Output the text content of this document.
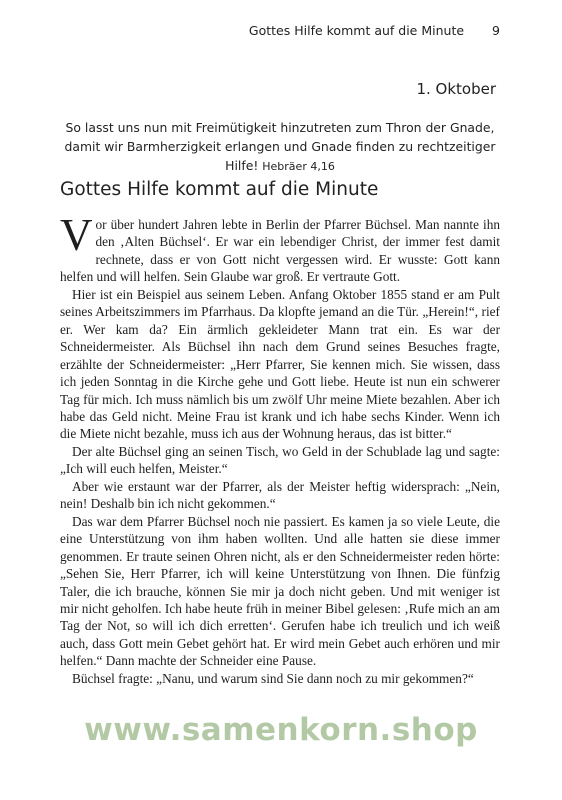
Gottes Hilfe kommt auf die Minute 9
1. Oktober
So lasst uns nun mit Freimütigkeit hinzutreten zum Thron der Gnade, damit wir Barmherzigkeit erlangen und Gnade finden zu rechtzeitiger Hilfe! Hebräer 4,16
Gottes Hilfe kommt auf die Minute

Vor über hundert Jahren lebte in Berlin der Pfarrer Büchsel. Man nannte ihn den ‚Alten Büchsel‘. Er war ein lebendiger Christ, der immer fest damit rechnete, dass er von Gott nicht vergessen wird. Er wusste: Gott kann helfen und will helfen. Sein Glaube war groß. Er vertraute Gott.

Hier ist ein Beispiel aus seinem Leben. Anfang Oktober 1855 stand er am Pult seines Arbeitszimmers im Pfarrhaus. Da klopfte jemand an die Tür. „Herein!“, rief er. Wer kam da? Ein ärmlich gekleideter Mann trat ein. Es war der Schneidermeister. Als Büchsel ihn nach dem Grund seines Besuches fragte, erzählte der Schneidermeister: „Herr Pfarrer, Sie kennen mich. Sie wissen, dass ich jeden Sonntag in die Kirche gehe und Gott liebe. Heute ist nun ein schwerer Tag für mich. Ich muss nämlich bis um zwölf Uhr meine Miete bezahlen. Aber ich habe das Geld nicht. Meine Frau ist krank und ich habe sechs Kinder. Wenn ich die Miete nicht bezahle, muss ich aus der Wohnung heraus, das ist bitter.“

Der alte Büchsel ging an seinen Tisch, wo Geld in der Schublade lag und sagte: „Ich will euch helfen, Meister.“

Aber wie erstaunt war der Pfarrer, als der Meister heftig widersprach: „Nein, nein! Deshalb bin ich nicht gekommen.“

Das war dem Pfarrer Büchsel noch nie passiert. Es kamen ja so viele Leute, die eine Unterstützung von ihm haben wollten. Und alle hatten sie diese immer genommen. Er traute seinen Ohren nicht, als er den Schneidermeister reden hörte: „Sehen Sie, Herr Pfarrer, ich will keine Unterstützung von Ihnen. Die fünfzig Taler, die ich brauche, können Sie mir ja doch nicht geben. Und mit weniger ist mir nicht geholfen. Ich habe heute früh in meiner Bibel gelesen: ‚Rufe mich an am Tag der Not, so will ich dich erretten‘. Gerufen habe ich treulich und ich weiß auch, dass Gott mein Gebet gehört hat. Er wird mein Gebet auch erhören und mir helfen.“ Dann machte der Schneider eine Pause.

Büchsel fragte: „Nanu, und warum sind Sie dann noch zu mir gekommen?“

www.samenkorn.shop
